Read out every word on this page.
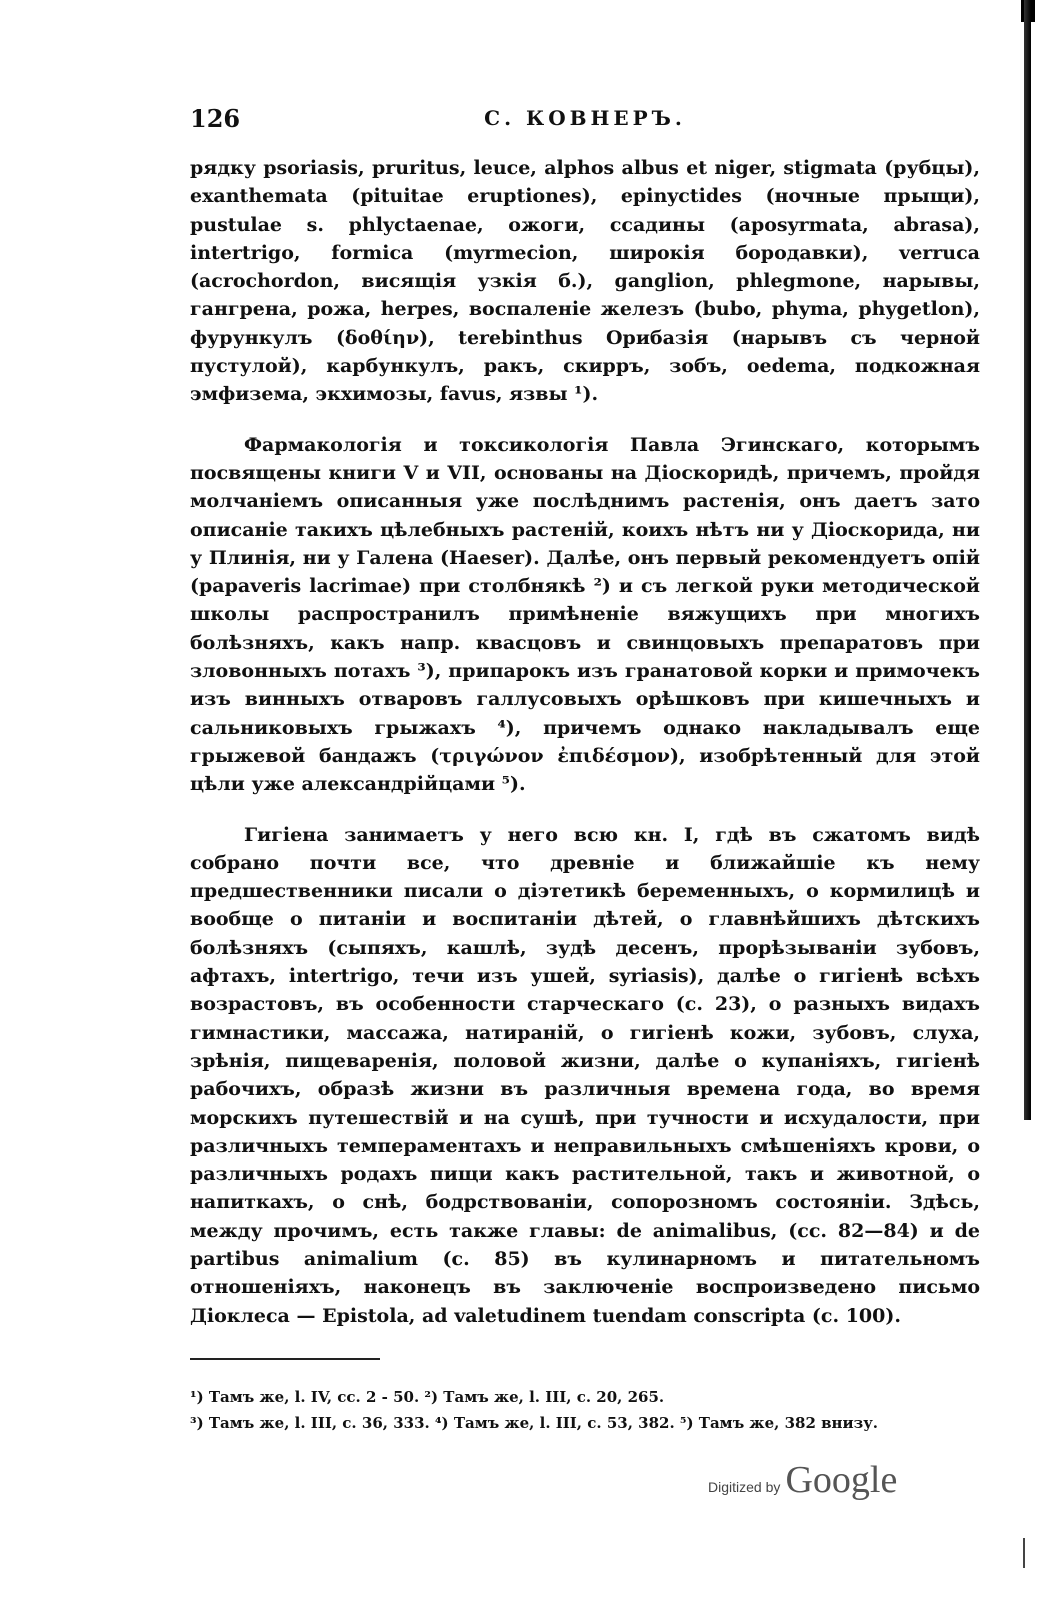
126	С. КОВНЕРЪ.

рядку psoriasis, pruritus, leuce, alphos albus et niger, stigmata (рубцы), exanthemata (pituitae eruptiones), epinyctides (ночные прыщи), pustulae s. phlyctaenae, ожоги, ссадины (aposyrmata, abrasa), intertrigo, formica (myrmecion, широкія бородавки), verruca (acrochordon, висящія узкія б.), ganglion, phlegmone, нарывы, гангрена, рожа, herpes, воспаленіе железъ (bubo, phyma, phygetlon), фурункулъ (δοθίην), terebinthus Орибазія (нарывъ съ черной пустулой), карбункулъ, ракъ, скирръ, зобъ, oedema, подкожная эмфизема, экхимозы, favus, язвы ¹).

Фармакологія и токсикологія Павла Эгинскаго, которымъ посвящены книги V и VII, основаны на Діоскоридѣ, причемъ, пройдя молчаніемъ описанныя уже послѣднимъ растенія, онъ даетъ зато описаніе такихъ цѣлебныхъ растеній, коихъ нѣтъ ни у Діоскорида, ни у Плинія, ни у Галена (Haeser). Далѣе, онъ первый рекомендуетъ опій (papaveris lacrimae) при столбнякѣ ²) и съ легкой руки методической школы распространилъ примѣненіе вяжущихъ при многихъ болѣзняхъ, какъ напр. квасцовъ и свинцовыхъ препаратовъ при зловонныхъ потахъ ³), припарокъ изъ гранатовой корки и примочекъ изъ винныхъ отваровъ галлусовыхъ орѣшковъ при кишечныхъ и сальниковыхъ грыжахъ ⁴), причемъ однако накладывалъ еще грыжевой бандажъ (τριγώνον ἐπιδέσμον), изобрѣтенный для этой цѣли уже александрійцами ⁵).

Гигіена занимаетъ у него всю кн. I, гдѣ въ сжатомъ видѣ собрано почти все, что древніе и ближайшіе къ нему предшественники писали о діэтетикѣ беременныхъ, о кормилицѣ и вообще о питаніи и воспитаніи дѣтей, о главнѣйшихъ дѣтскихъ болѣзняхъ (сыпяхъ, кашлѣ, зудѣ десенъ, прорѣзываніи зубовъ, афтахъ, intertrigo, течи изъ ушей, syriasis), далѣе о гигіенѣ всѣхъ возрастовъ, въ особенности старческаго (с. 23), о разныхъ видахъ гимнастики, массажа, натираній, о гигіенѣ кожи, зубовъ, слуха, зрѣнія, пищеваренія, половой жизни, далѣе о купаніяхъ, гигіенѣ рабочихъ, образѣ жизни въ различныя времена года, во время морскихъ путешествій и на сушѣ, при тучности и исхудалости, при различныхъ темпераментахъ и неправильныхъ смѣшеніяхъ крови, о различныхъ родахъ пищи какъ растительной, такъ и животной, о напиткахъ, о снѣ, бодрствованіи, сопорозномъ состояніи. Здѣсь, между прочимъ, есть также главы: de animalibus, (сс. 82—84) и de partibus animalium (с. 85) въ кулинарномъ и питательномъ отношеніяхъ, наконецъ въ заключеніе воспроизведено письмо Діоклеса — Epistola, ad valetudinem tuendam conscripta (с. 100).

¹) Тамъ же, l. IV, сс. 2 - 50. ²) Тамъ же, l. III, с. 20, 265.
³) Тамъ же, l. III, с. 36, 333. ⁴) Тамъ же, l. III, с. 53, 382. ⁵) Тамъ же, 382 внизу.
Digitized by Google
